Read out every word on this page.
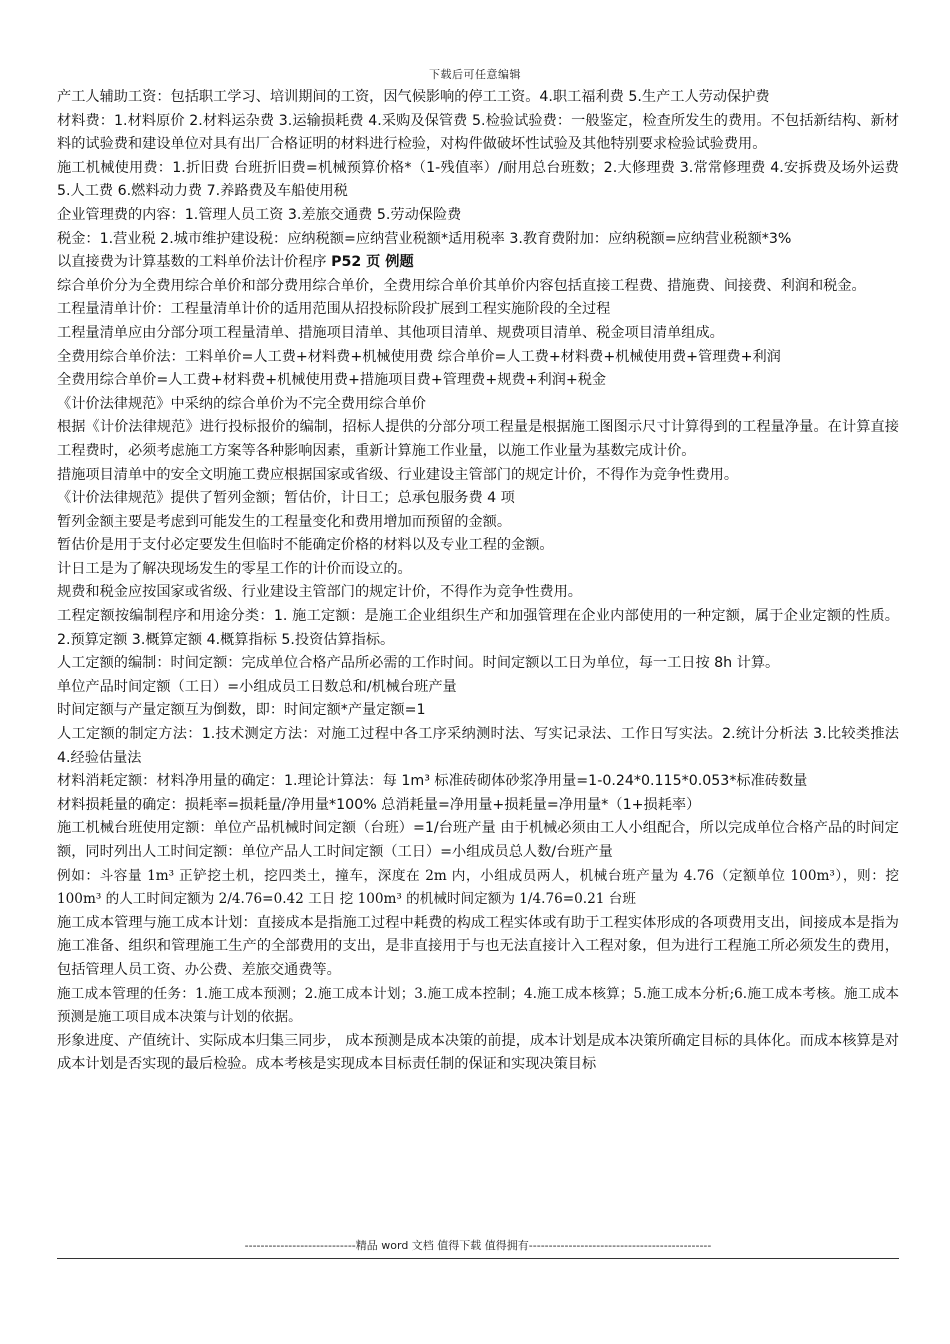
下载后可任意编辑

产工人辅助工资：包括职工学习、培训期间的工资，因气候影响的停工工资。4.职工福利费 5.生产工人劳动保护费

材料费：1.材料原价 2.材料运杂费 3.运输损耗费 4.采购及保管费 5.检验试验费：一般鉴定，检查所发生的费用。不包括新结构、新材料的试验费和建设单位对具有出厂合格证明的材料进行检验，对构件做破坏性试验及其他特别要求检验试验费用。

施工机械使用费：1.折旧费 台班折旧费=机械预算价格*（1-残值率）/耐用总台班数；2.大修理费 3.常常修理费 4.安拆费及场外运费 5.人工费 6.燃料动力费 7.养路费及车船使用税

企业管理费的内容：1.管理人员工资 3.差旅交通费 5.劳动保险费

税金：1.营业税 2.城市维护建设税：应纳税额=应纳营业税额*适用税率 3.教育费附加：应纳税额=应纳营业税额*3%

以直接费为计算基数的工料单价法计价程序 P52 页 例题

综合单价分为全费用综合单价和部分费用综合单价，全费用综合单价其单价内容包括直接工程费、措施费、间接费、利润和税金。

工程量清单计价：工程量清单计价的适用范围从招投标阶段扩展到工程实施阶段的全过程

工程量清单应由分部分项工程量清单、措施项目清单、其他项目清单、规费项目清单、税金项目清单组成。

全费用综合单价法：工料单价=人工费+材料费+机械使用费 综合单价=人工费+材料费+机械使用费+管理费+利润

全费用综合单价=人工费+材料费+机械使用费+措施项目费+管理费+规费+利润+税金

《计价法律规范》中采纳的综合单价为不完全费用综合单价

根据《计价法律规范》进行投标报价的编制，招标人提供的分部分项工程量是根据施工图图示尺寸计算得到的工程量净量。在计算直接工程费时，必须考虑施工方案等各种影响因素，重新计算施工作业量，以施工作业量为基数完成计价。

措施项目清单中的安全文明施工费应根据国家或省级、行业建设主管部门的规定计价，不得作为竞争性费用。

《计价法律规范》提供了暂列金额；暂估价，计日工；总承包服务费 4 项

暂列金额主要是考虑到可能发生的工程量变化和费用增加而预留的金额。

暂估价是用于支付必定要发生但临时不能确定价格的材料以及专业工程的金额。

计日工是为了解决现场发生的零星工作的计价而设立的。

规费和税金应按国家或省级、行业建设主管部门的规定计价，不得作为竞争性费用。

工程定额按编制程序和用途分类：1. 施工定额：是施工企业组织生产和加强管理在企业内部使用的一种定额，属于企业定额的性质。 2.预算定额 3.概算定额 4.概算指标 5.投资估算指标。

人工定额的编制：时间定额：完成单位合格产品所必需的工作时间。时间定额以工日为单位，每一工日按 8h 计算。

单位产品时间定额（工日）=小组成员工日数总和/机械台班产量

时间定额与产量定额互为倒数，即：时间定额*产量定额=1

人工定额的制定方法：1.技术测定方法：对施工过程中各工序采纳测时法、写实记录法、工作日写实法。2.统计分析法 3.比较类推法 4.经验估量法

材料消耗定额：材料净用量的确定：1.理论计算法：每 1m³ 标准砖砌体砂浆净用量=1-0.24*0.115*0.053*标准砖数量

材料损耗量的确定：损耗率=损耗量/净用量*100% 总消耗量=净用量+损耗量=净用量*（1+损耗率）

施工机械台班使用定额：单位产品机械时间定额（台班）=1/台班产量 由于机械必须由工人小组配合，所以完成单位合格产品的时间定额，同时列出人工时间定额：单位产品人工时间定额（工日）=小组成员总人数/台班产量

例如：斗容量 1m³ 正铲挖土机，挖四类土，撞车，深度在 2m 内，小组成员两人，机械台班产量为 4.76（定额单位 100m³），则：挖 100m³ 的人工时间定额为 2/4.76=0.42 工日 挖 100m³ 的机械时间定额为 1/4.76=0.21 台班

施工成本管理与施工成本计划：直接成本是指施工过程中耗费的构成工程实体或有助于工程实体形成的各项费用支出，间接成本是指为施工准备、组织和管理施工生产的全部费用的支出，是非直接用于与也无法直接计入工程对象，但为进行工程施工所必须发生的费用，包括管理人员工资、办公费、差旅交通费等。

施工成本管理的任务：1.施工成本预测；2.施工成本计划；3.施工成本控制；4.施工成本核算；5.施工成本分析;6.施工成本考核。施工成本预测是施工项目成本决策与计划的依据。

形象进度、产值统计、实际成本归集三同步， 成本预测是成本决策的前提，成本计划是成本决策所确定目标的具体化。而成本核算是对成本计划是否实现的最后检验。成本考核是实现成本目标责任制的保证和实现决策目标

----------------------------精品 word 文档 值得下载 值得拥有----------------------------------------------
